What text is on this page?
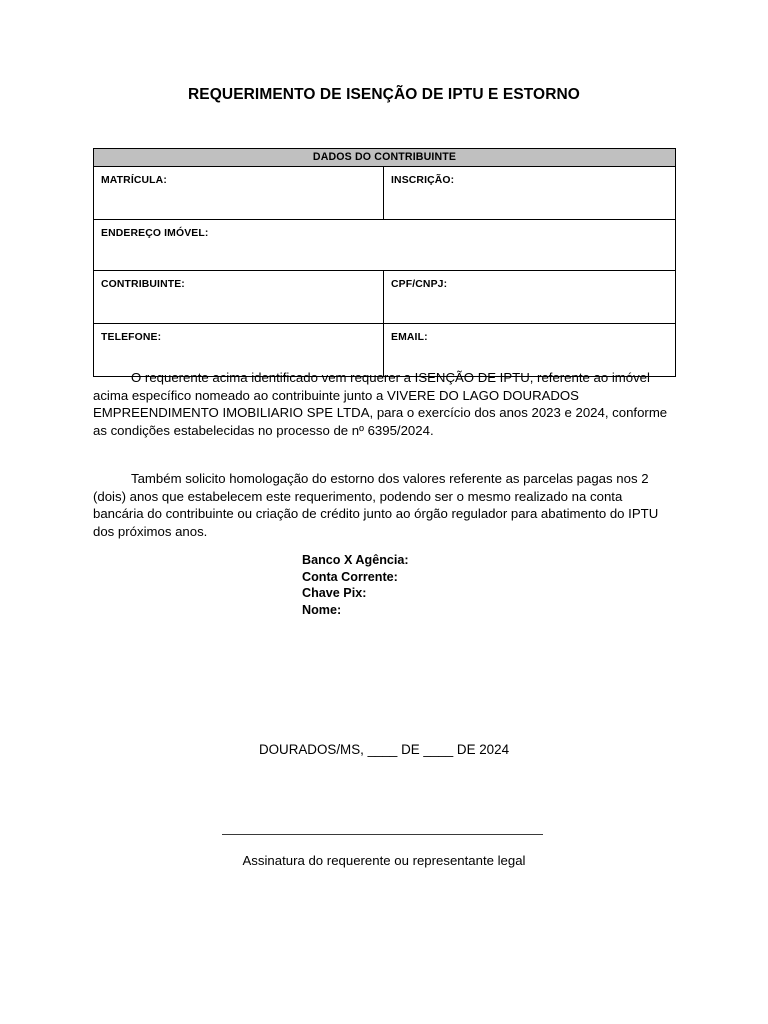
REQUERIMENTO DE ISENÇÃO DE IPTU E ESTORNO
DADOS DO CONTRIBUINTE	
MATRÍCULA:	INSCRIÇÃO:
ENDEREÇO IMÓVEL:	
CONTRIBUINTE:	CPF/CNPJ:
TELEFONE:	EMAIL:
O requerente acima identificado vem requerer a ISENÇÃO DE IPTU, referente ao imóvel acima específico nomeado ao contribuinte junto a VIVERE DO LAGO DOURADOS EMPREENDIMENTO IMOBILIARIO SPE LTDA, para o exercício dos anos 2023 e 2024, conforme as condições estabelecidas no processo de nº 6395/2024.
Também solicito homologação do estorno dos valores referente as parcelas pagas nos 2 (dois) anos que estabelecem este requerimento, podendo ser o mesmo realizado na conta bancária do contribuinte ou criação de crédito junto ao órgão regulador para abatimento do IPTU dos próximos anos.
Banco X Agência:
Conta Corrente:
Chave Pix:
Nome:
DOURADOS/MS, ____ DE ____ DE 2024
Assinatura do requerente ou representante legal
